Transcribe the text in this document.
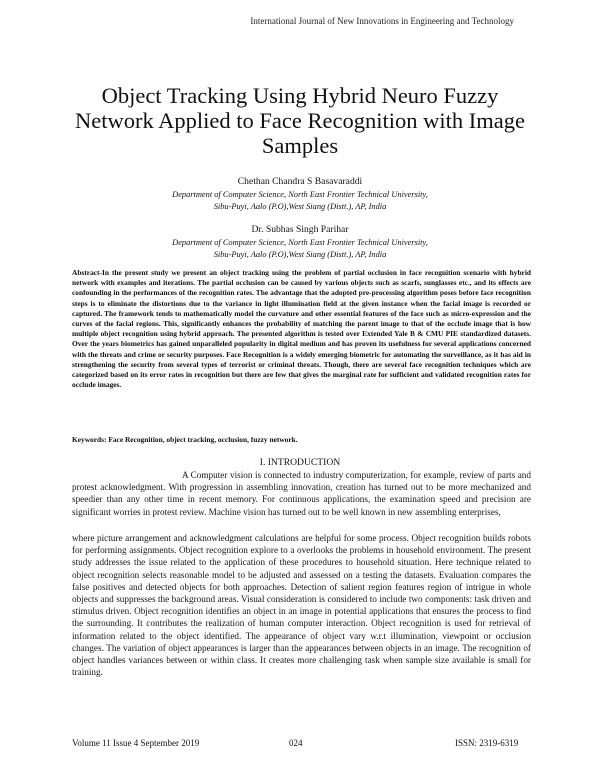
International Journal of New Innovations in Engineering and Technology
Object Tracking Using Hybrid Neuro Fuzzy Network Applied to Face Recognition with Image Samples
Chethan Chandra S Basavaraddi
Department of Computer Science, North East Frontier Technical University,
Sibu-Puyi, Aalo (P.O),West Siang (Distt.), AP, India
Dr. Subhas Singh Parihar
Department of Computer Science, North East Frontier Technical University,
Sibu-Puyi, Aalo (P.O),West Siang (Distt.), AP, India
Abstract-In the present study we present an object tracking using the problem of partial occlusion in face recognition scenario with hybrid network with examples and iterations. The partial occlusion can be caused by various objects such as scarfs, sunglasses etc., and its effects are confounding in the performances of the recognition rates. The advantage that the adopted pre-processing algorithm poses before face recognition steps is to eliminate the distortions due to the variance in light illumination field at the given instance when the facial image is recorded or captured. The framework tends to mathematically model the curvature and other essential features of the face such as micro-expression and the curves of the facial regions. This, significantly enhances the probability of matching the parent image to that of the occlude image that is how multiple object recognition using hybrid approach. The presented algorithm is tested over Extended Yale B & CMU PIE standardized datasets. Over the years biometrics has gained unparalleled popularity in digital medium and has proven its usefulness for several applications concerned with the threats and crime or security purposes. Face Recognition is a widely emerging biometric for automating the surveillance, as it has aid in strengthening the security from several types of terrorist or criminal threats. Though, there are several face recognition techniques which are categorized based on its error rates in recognition but there are few that gives the marginal rate for sufficient and validated recognition rates for occlude images.
Keywords: Face Recognition, object tracking, occlusion, fuzzy network.
I. INTRODUCTION
A Computer vision is connected to industry computerization, for example, review of parts and protest acknowledgment. With progression in assembling innovation, creation has turned out to be more mechanized and speedier than any other time in recent memory. For continuous applications, the examination speed and precision are significant worries in protest review. Machine vision has turned out to be well known in new assembling enterprises,
where picture arrangement and acknowledgment calculations are helpful for some process. Object recognition builds robots for performing assignments. Object recognition explore to a overlooks the problems in household environment. The present study addresses the issue related to the application of these procedures to household situation. Here technique related to object recognition selects reasonable model to be adjusted and assessed on a testing the datasets. Evaluation compares the false positives and detected objects for both approaches. Detection of salient region features region of intrigue in whole objects and suppresses the background areas. Visual consideration is considered to include two components: task driven and stimulus driven. Object recognition identifies an object in an image in potential applications that ensures the process to find the surrounding. It contributes the realization of human computer interaction. Object recognition is used for retrieval of information related to the object identified. The appearance of object vary w.r.t illumination, viewpoint or occlusion changes. The variation of object appearances is larger than the appearances between objects in an image. The recognition of object handles variances between or within class. It creates more challenging task when sample size available is small for training.
Volume 11 Issue 4 September 2019	024	ISSN: 2319-6319
